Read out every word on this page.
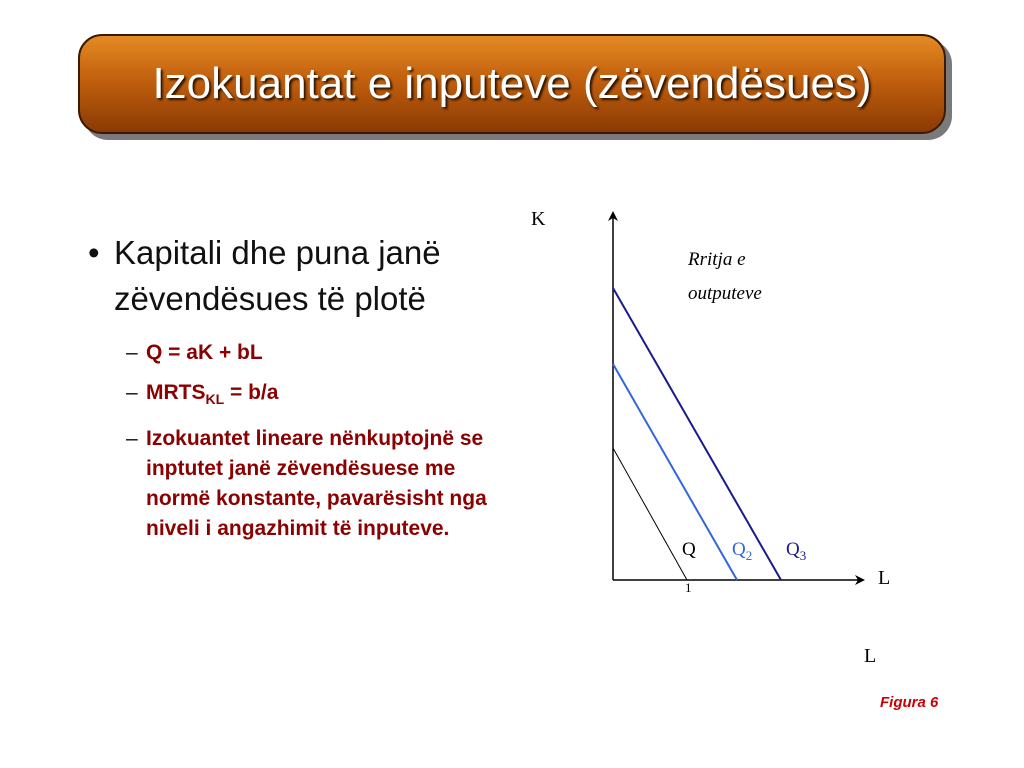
Izokuantat e inputeve (zëvendësues)
• Kapitali dhe puna janë zëvendësues të plotë
– Q = aK + bL
– $MRTS_{KL} = b/a$
– Izokuantet lineare nënkuptojnë se inptutet janë zëvendësuese me normë konstante, pavarësisht nga niveli i angazhimit të inputeve.
K
L
L
Rritja e
outputeve
Q
1
$Q_2$ $Q_3$
Figura 6
